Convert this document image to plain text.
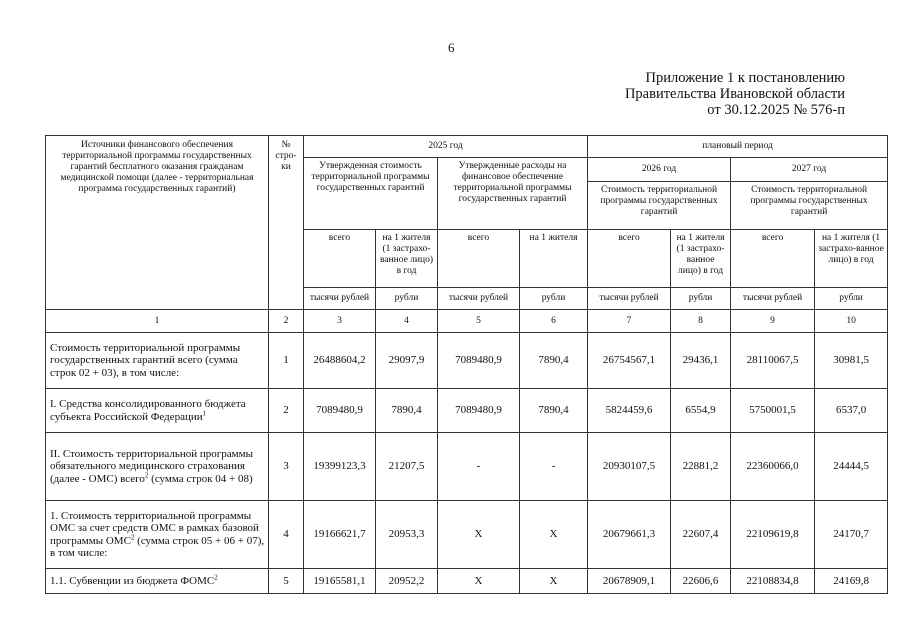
6
Приложение 1 к постановлению
Правительства Ивановской области
от 30.12.2025 № 576-п
Источники финансового обеспечения территориальной программы государственных гарантий бесплатного оказания гражданам медицинской помощи (далее - территориальная программа государственных гарантий)	№ стро-ки	2025 год				плановый период			
		Утвержденная стоимость территориальной программы государственных гарантий		Утвержденные расходы на финансовое обеспечение территориальной программы государственных гарантий		2026 год		2027 год	
						Стоимость территориальной программы государственных гарантий		Стоимость территориальной программы государственных гарантий	
		всего	на 1 жителя (1 застрахо-ванное лицо) в год	всего	на 1 жителя	всего	на 1 жителя (1 застрахо-ванное лицо) в год	всего	на 1 жителя (1 застрахо-ванное лицо) в год
		тысячи рублей	рубли	тысячи рублей	рубли	тысячи рублей	рубли	тысячи рублей	рубли
1	2	3	4	5	6	7	8	9	10
Стоимость территориальной программы государственных гарантий всего (сумма строк 02 + 03), в том числе:	1	26488604,2	29097,9	7089480,9	7890,4	26754567,1	29436,1	28110067,5	30981,5
I. Средства консолидированного бюджета субъекта Российской Федерации$^1$	2	7089480,9	7890,4	7089480,9	7890,4	5824459,6	6554,9	5750001,5	6537,0
II. Стоимость территориальной программы обязательного медицинского страхования (далее - ОМС) всего$^2$ (сумма строк 04 + 08)	3	19399123,3	21207,5	-	-	20930107,5	22881,2	22360066,0	24444,5
1. Стоимость территориальной программы ОМС за счет средств ОМС в рамках базовой программы ОМС$^2$ (сумма строк 05 + 06 + 07), в том числе:	4	19166621,7	20953,3	X	X	20679661,3	22607,4	22109619,8	24170,7
1.1. Субвенции из бюджета ФОМС$^2$	5	19165581,1	20952,2	X	X	20678909,1	22606,6	22108834,8	24169,8
